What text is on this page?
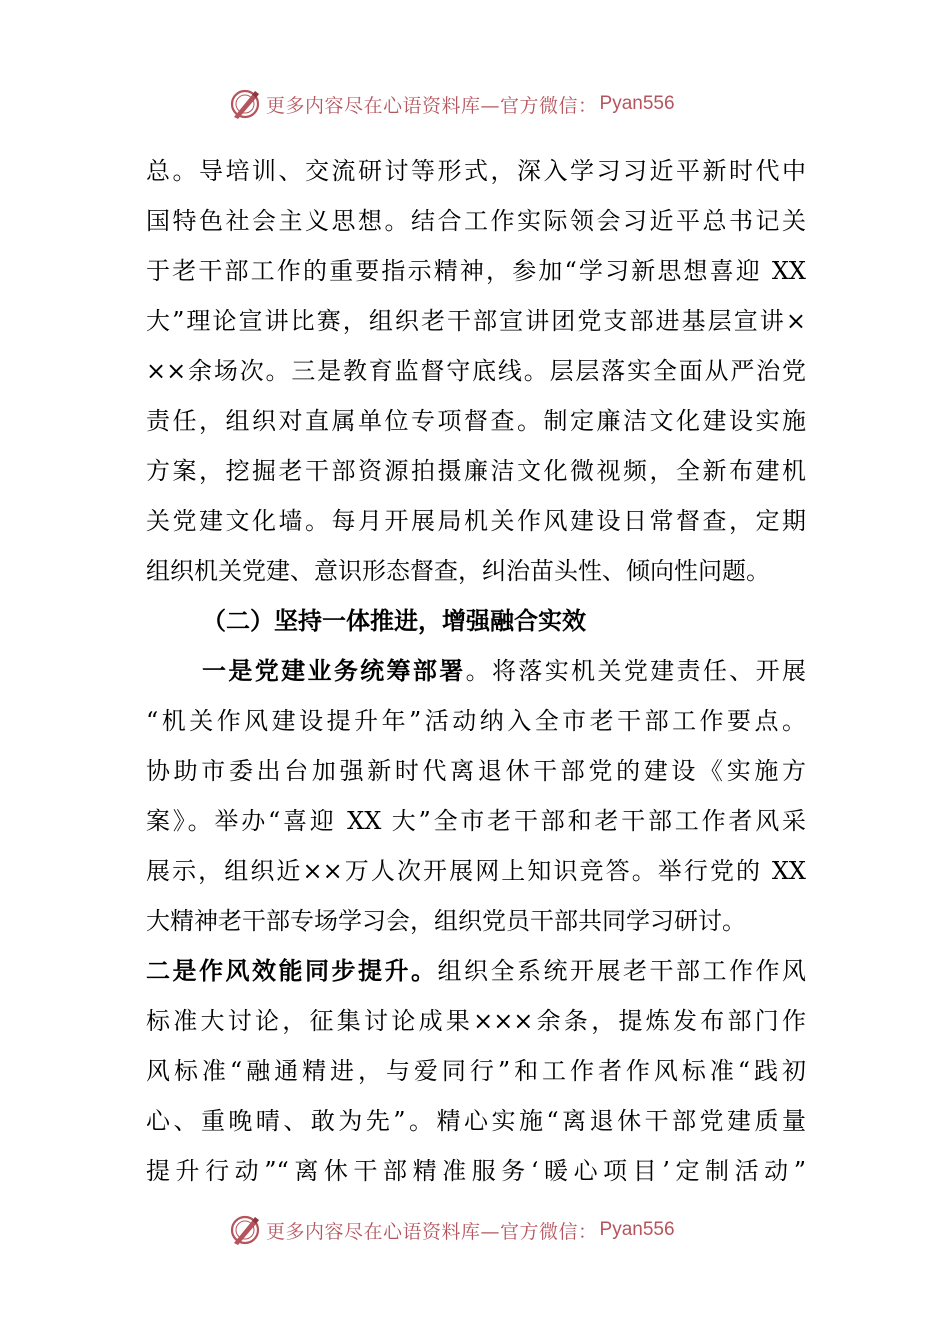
更多内容尽在心语资料库—官方微信： Pyan556
总。导培训、交流研讨等形式，深入学习习近平新时代中
国特色社会主义思想。结合工作实际领会习近平总书记关
于老干部工作的重要指示精神，参加“学习新思想喜迎 XX
大”理论宣讲比赛，组织老干部宣讲团党支部进基层宣讲×
××余场次。三是教育监督守底线。层层落实全面从严治党
责任，组织对直属单位专项督查。制定廉洁文化建设实施
方案，挖掘老干部资源拍摄廉洁文化微视频，全新布建机
关党建文化墙。每月开展局机关作风建设日常督查，定期
组织机关党建、意识形态督查，纠治苗头性、倾向性问题。
（二）坚持一体推进，增强融合实效
一是党建业务统筹部署。将落实机关党建责任、开展
“机关作风建设提升年”活动纳入全市老干部工作要点。
协助市委出台加强新时代离退休干部党的建设《实施方
案》。举办“喜迎 XX 大”全市老干部和老干部工作者风采
展示，组织近××万人次开展网上知识竞答。举行党的 XX
大精神老干部专场学习会，组织党员干部共同学习研讨。
二是作风效能同步提升。组织全系统开展老干部工作作风
标准大讨论，征集讨论成果×××余条，提炼发布部门作
风标准“融通精进，与爱同行”和工作者作风标准“践初
心、重晚晴、敢为先”。精心实施“离退休干部党建质量
提升行动”“离休干部精准服务‘暖心项目’定制活动”
更多内容尽在心语资料库—官方微信： Pyan556
